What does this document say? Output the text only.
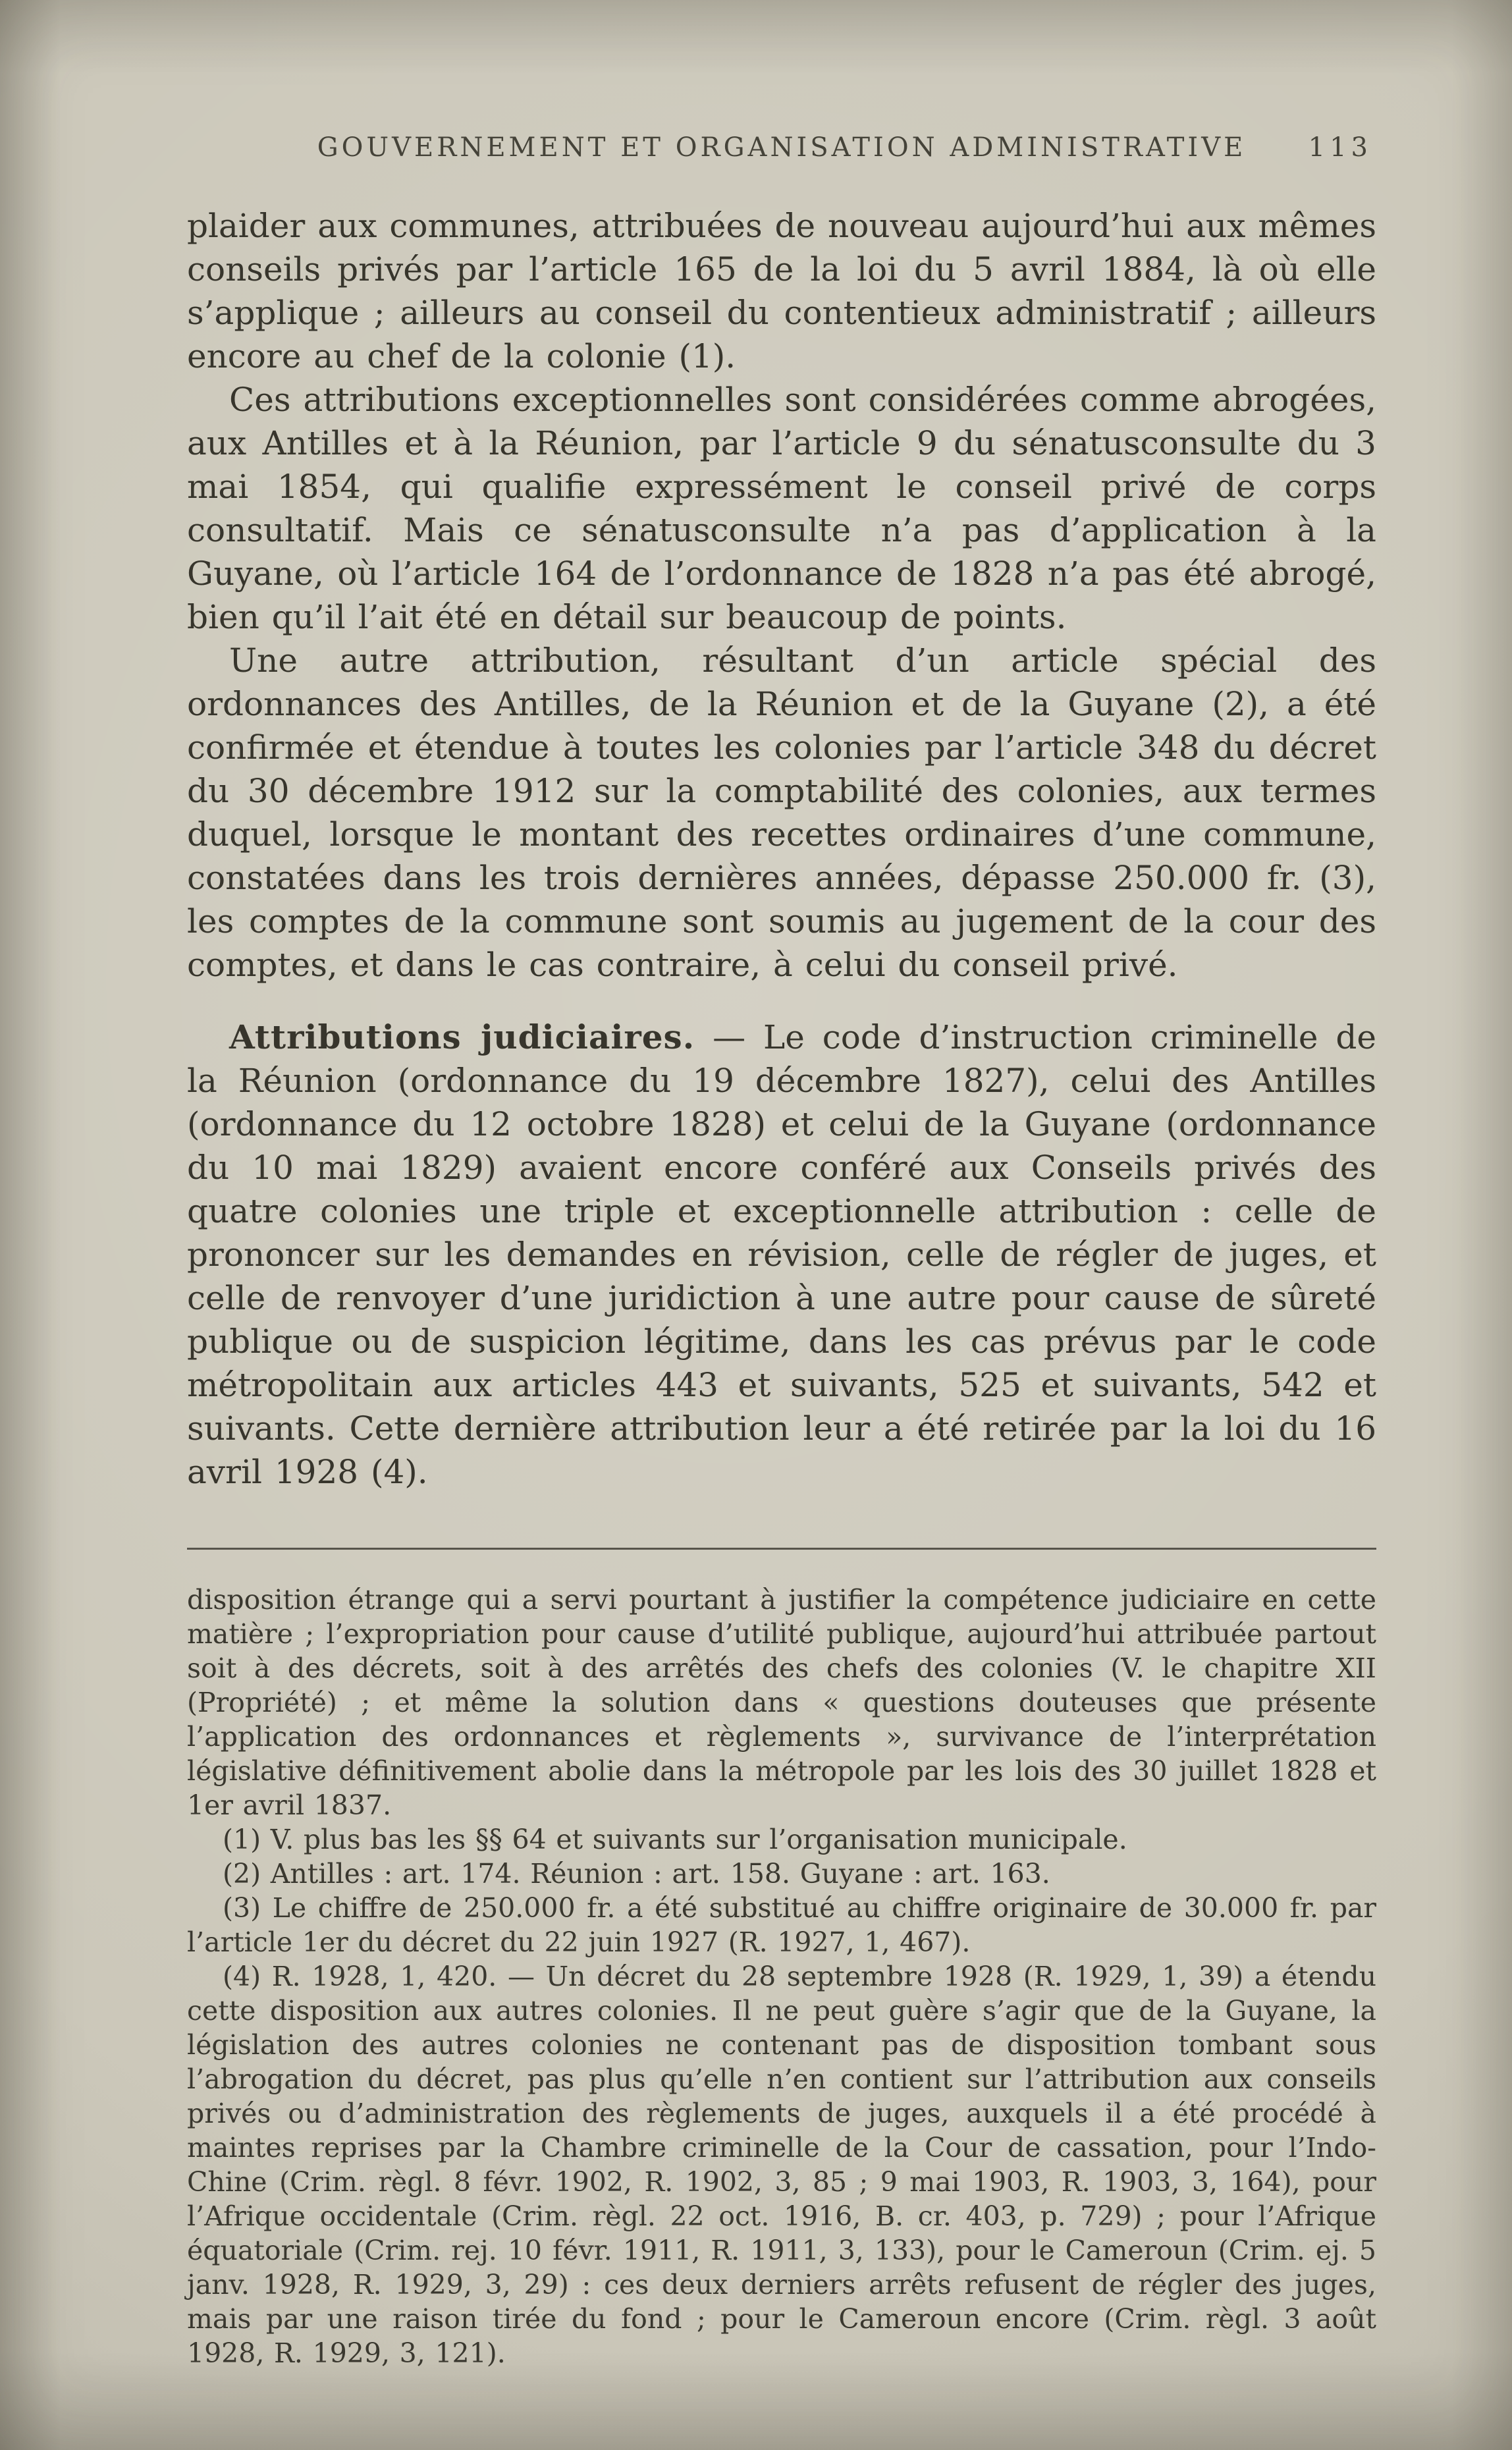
GOUVERNEMENT ET ORGANISATION ADMINISTRATIVE 113

plaider aux communes, attribuées de nouveau aujourd’hui aux mêmes conseils privés par l’article 165 de la loi du 5 avril 1884, là où elle s’applique ; ailleurs au conseil du contentieux administratif ; ailleurs encore au chef de la colonie (1).

Ces attributions exceptionnelles sont considérées comme abrogées, aux Antilles et à la Réunion, par l’article 9 du sénatusconsulte du 3 mai 1854, qui qualifie expressément le conseil privé de corps consultatif. Mais ce sénatusconsulte n’a pas d’application à la Guyane, où l’article 164 de l’ordonnance de 1828 n’a pas été abrogé, bien qu’il l’ait été en détail sur beaucoup de points.

Une autre attribution, résultant d’un article spécial des ordonnances des Antilles, de la Réunion et de la Guyane (2), a été confirmée et étendue à toutes les colonies par l’article 348 du décret du 30 décembre 1912 sur la comptabilité des colonies, aux termes duquel, lorsque le montant des recettes ordinaires d’une commune, constatées dans les trois dernières années, dépasse 250.000 fr. (3), les comptes de la commune sont soumis au jugement de la cour des comptes, et dans le cas contraire, à celui du conseil privé.

Attributions judiciaires. — Le code d’instruction criminelle de la Réunion (ordonnance du 19 décembre 1827), celui des Antilles (ordonnance du 12 octobre 1828) et celui de la Guyane (ordonnance du 10 mai 1829) avaient encore conféré aux Conseils privés des quatre colonies une triple et exceptionnelle attribution : celle de prononcer sur les demandes en révision, celle de régler de juges, et celle de renvoyer d’une juridiction à une autre pour cause de sûreté publique ou de suspicion légitime, dans les cas prévus par le code métropolitain aux articles 443 et suivants, 525 et suivants, 542 et suivants. Cette dernière attribution leur a été retirée par la loi du 16 avril 1928 (4).

disposition étrange qui a servi pourtant à justifier la compétence judiciaire en cette matière ; l’expropriation pour cause d’utilité publique, aujourd’hui attribuée partout soit à des décrets, soit à des arrêtés des chefs des colonies (V. le chapitre XII (Propriété) ; et même la solution dans « questions douteuses que présente l’application des ordonnances et règlements », survivance de l’interprétation législative définitivement abolie dans la métropole par les lois des 30 juillet 1828 et 1er avril 1837.

(1) V. plus bas les §§ 64 et suivants sur l’organisation municipale.

(2) Antilles : art. 174. Réunion : art. 158. Guyane : art. 163.

(3) Le chiffre de 250.000 fr. a été substitué au chiffre originaire de 30.000 fr. par l’article 1er du décret du 22 juin 1927 (R. 1927, 1, 467).

(4) R. 1928, 1, 420. — Un décret du 28 septembre 1928 (R. 1929, 1, 39) a étendu cette disposition aux autres colonies. Il ne peut guère s’agir que de la Guyane, la législation des autres colonies ne contenant pas de disposition tombant sous l’abrogation du décret, pas plus qu’elle n’en contient sur l’attribution aux conseils privés ou d’administration des règlements de juges, auxquels il a été procédé à maintes reprises par la Chambre criminelle de la Cour de cassation, pour l’Indo-Chine (Crim. règl. 8 févr. 1902, R. 1902, 3, 85 ; 9 mai 1903, R. 1903, 3, 164), pour l’Afrique occidentale (Crim. règl. 22 oct. 1916, B. cr. 403, p. 729) ; pour l’Afrique équatoriale (Crim. rej. 10 févr. 1911, R. 1911, 3, 133), pour le Cameroun (Crim. ej. 5 janv. 1928, R. 1929, 3, 29) : ces deux derniers arrêts refusent de régler des juges, mais par une raison tirée du fond ; pour le Cameroun encore (Crim. règl. 3 août 1928, R. 1929, 3, 121).
